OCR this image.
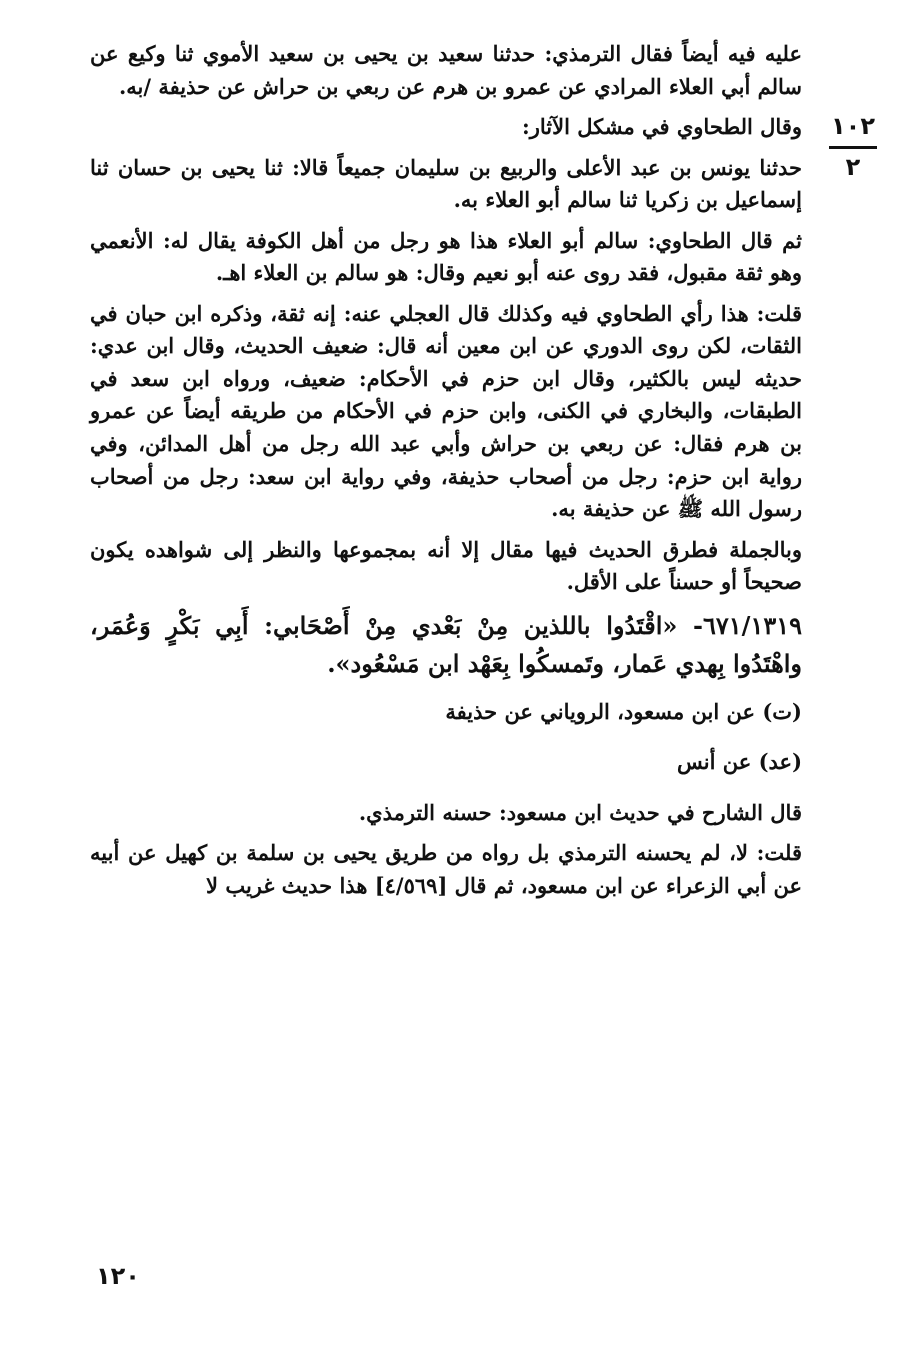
١٠٢
٢

عليه فيه أيضاً فقال الترمذي: حدثنا سعيد بن يحيى بن سعيد الأموي ثنا وكيع عن سالم أبي العلاء المرادي عن عمرو بن هرم عن ربعي بن حراش عن حذيفة /به.

وقال الطحاوي في مشكل الآثار:

حدثنا يونس بن عبد الأعلى والربيع بن سليمان جميعاً قالا: ثنا يحيى بن حسان ثنا إسماعيل بن زكريا ثنا سالم أبو العلاء به.

ثم قال الطحاوي: سالم أبو العلاء هذا هو رجل من أهل الكوفة يقال له: الأنعمي وهو ثقة مقبول، فقد روى عنه أبو نعيم وقال: هو سالم بن العلاء اهـ.

قلت: هذا رأي الطحاوي فيه وكذلك قال العجلي عنه: إنه ثقة، وذكره ابن حبان في الثقات، لكن روى الدوري عن ابن معين أنه قال: ضعيف الحديث، وقال ابن عدي: حديثه ليس بالكثير، وقال ابن حزم في الأحكام: ضعيف، ورواه ابن سعد في الطبقات، والبخاري في الكنى، وابن حزم في الأحكام من طريقه أيضاً عن عمرو بن هرم فقال: عن ربعي بن حراش وأبي عبد الله رجل من أهل المدائن، وفي رواية ابن حزم: رجل من أصحاب حذيفة، وفي رواية ابن سعد: رجل من أصحاب رسول الله ﷺ عن حذيفة به.

وبالجملة فطرق الحديث فيها مقال إلا أنه بمجموعها والنظر إلى شواهده يكون صحيحاً أو حسناً على الأقل.

٦٧١/١٣١٩- «اقْتَدُوا باللذين مِنْ بَعْدي مِنْ أَصْحَابي: أَبِي بَكْرٍ وَعُمَر، واهْتَدُوا بِهدي عَمار، وتَمسكُوا بِعَهْد ابن مَسْعُود».

(ت) عن ابن مسعود، الروياني عن حذيفة

(عد) عن أنس

قال الشارح في حديث ابن مسعود: حسنه الترمذي.

قلت: لا، لم يحسنه الترمذي بل رواه من طريق يحيى بن سلمة بن كهيل عن أبيه عن أبي الزعراء عن ابن مسعود، ثم قال [٤/٥٦٩] هذا حديث غريب لا

١٢٠
